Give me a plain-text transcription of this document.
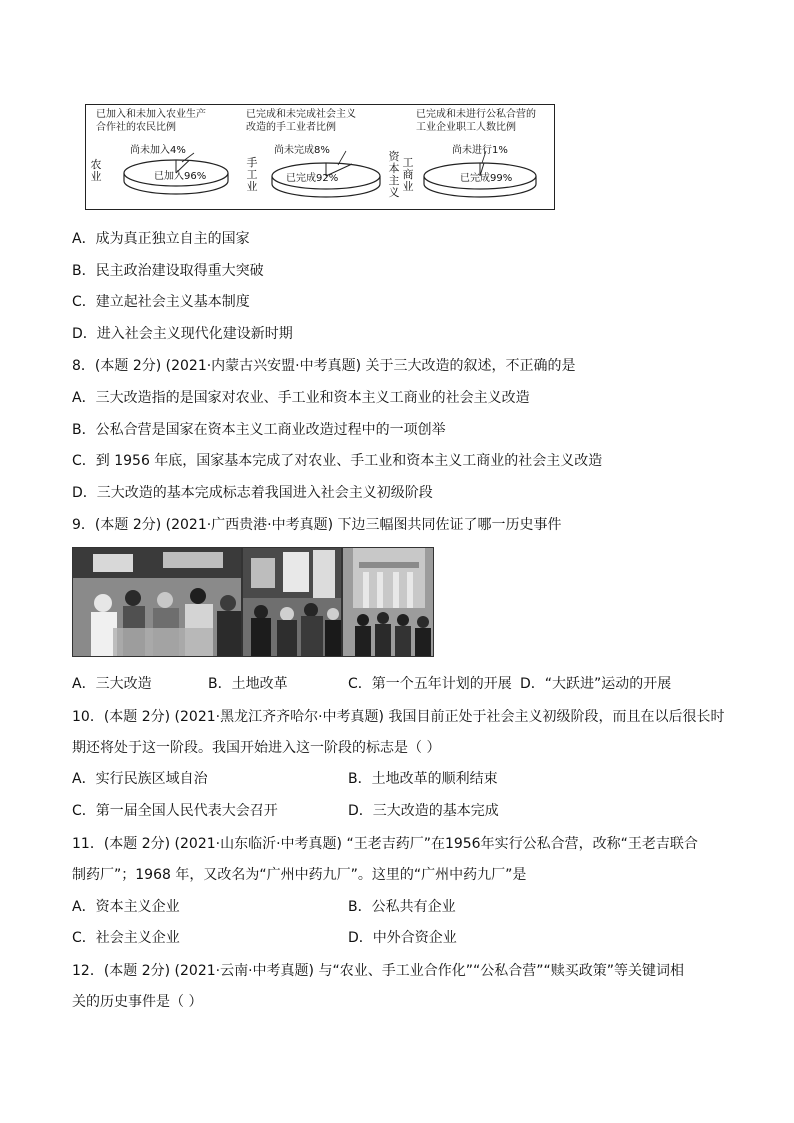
已加入和未加入农业生产
合作社的农民比例
尚未加入4%
已加入96%
农业
已完成和未完成社会主义
改造的手工业者比例
尚未完成8%
已完成92%
手工业
已完成和未进行公私合营的
工业企业职工人数比例
尚未进行1%
已完成99%
工商业
资本主义
A．成为真正独立自主的国家
B．民主政治建设取得重大突破
C．建立起社会主义基本制度
D．进入社会主义现代化建设新时期
8．(本题 2分) (2021·内蒙古兴安盟·中考真题) 关于三大改造的叙述，不正确的是
A．三大改造指的是国家对农业、手工业和资本主义工商业的社会主义改造
B．公私合营是国家在资本主义工商业改造过程中的一项创举
C．到 1956 年底，国家基本完成了对农业、手工业和资本主义工商业的社会主义改造
D．三大改造的基本完成标志着我国进入社会主义初级阶段
9．(本题 2分) (2021·广西贵港·中考真题) 下边三幅图共同佐证了哪一历史事件
A．三大改造	B．土地改革	C．第一个五年计划的开展 D．“大跃进”运动的开展
10．(本题 2分) (2021·黑龙江齐齐哈尔·中考真题) 我国目前正处于社会主义初级阶段，而且在以后很长时
期还将处于这一阶段。我国开始进入这一阶段的标志是（ ）
A．实行民族区域自治	B．土地改革的顺利结束
C．第一届全国人民代表大会召开	D．三大改造的基本完成
11．(本题 2分) (2021·山东临沂·中考真题) “王老吉药厂”在1956年实行公私合营，改称“王老吉联合
制药厂”；1968 年，又改名为“广州中药九厂”。这里的“广州中药九厂”是
A．资本主义企业	B．公私共有企业
C．社会主义企业	D．中外合资企业
12．(本题 2分) (2021·云南·中考真题) 与“农业、手工业合作化”“公私合营”“赎买政策”等关键词相
关的历史事件是（ ）
